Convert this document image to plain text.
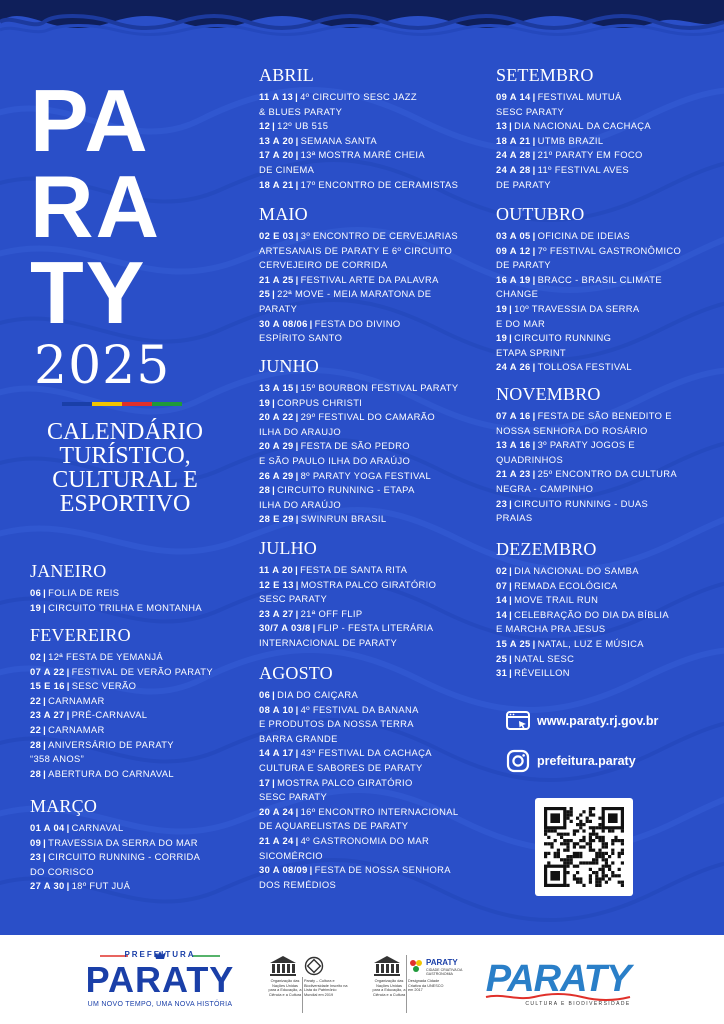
PA
RA
TY
2025
CALENDÁRIO
TURÍSTICO,
CULTURAL E
ESPORTIVO
JANEIRO
06 | FOLIA DE REIS
19 | CIRCUITO TRILHA E MONTANHA
FEVEREIRO
02 | 12ª FESTA DE YEMANJÁ
07 A 22 | FESTIVAL DE VERÃO PARATY
15 E 16 | SESC VERÃO
22 | CARNAMAR
23 A 27 | PRÉ-CARNAVAL
22 | CARNAMAR
28 | ANIVERSÁRIO DE PARATY
“358 ANOS”
28 | ABERTURA DO CARNAVAL
MARÇO
01 A 04 | CARNAVAL
09 | TRAVESSIA DA SERRA DO MAR
23 | CIRCUITO RUNNING - CORRIDA
DO CORISCO
27 A 30 | 18º FUT JUÁ
ABRIL
11 A 13 | 4º CIRCUITO SESC JAZZ
& BLUES PARATY
12 | 12º UB 515
13 A 20 | SEMANA SANTA
17 A 20 | 13ª MOSTRA MARÉ CHEIA
DE CINEMA
18 A 21 | 17º ENCONTRO DE CERAMISTAS
MAIO
02 E 03 | 3º ENCONTRO DE CERVEJARIAS
ARTESANAIS DE PARATY E 6º CIRCUITO
CERVEJEIRO DE CORRIDA
21 A 25 | FESTIVAL ARTE DA PALAVRA
25 | 22ª MOVE - MEIA MARATONA DE
PARATY
30 A 08/06 | FESTA DO DIVINO
ESPÍRITO SANTO
JUNHO
13 A 15 | 15º BOURBON FESTIVAL PARATY
19 | CORPUS CHRISTI
20 A 22 | 29º FESTIVAL DO CAMARÃO
ILHA DO ARAUJO
20 A 29 | FESTA DE SÃO PEDRO
E SÃO PAULO ILHA DO ARAÚJO
26 A 29 | 8º PARATY YOGA FESTIVAL
28 | CIRCUITO RUNNING - ETAPA
ILHA DO ARAÚJO
28 E 29 | SWINRUN BRASIL
JULHO
11 A 20 | FESTA DE SANTA RITA
12 E 13 | MOSTRA PALCO GIRATÓRIO
SESC PARATY
23 A 27 | 21ª OFF FLIP
30/7 A 03/8 | FLIP - FESTA LITERÁRIA
INTERNACIONAL DE PARATY
AGOSTO
06 | DIA DO CAIÇARA
08 A 10 | 4º FESTIVAL DA BANANA
E PRODUTOS DA NOSSA TERRA
BARRA GRANDE
14 A 17 | 43º FESTIVAL DA CACHAÇA
CULTURA E SABORES DE PARATY
17 | MOSTRA PALCO GIRATÓRIO
SESC PARATY
20 A 24 | 16º ENCONTRO INTERNACIONAL
DE AQUARELISTAS DE PARATY
21 A 24 | 4º GASTRONOMIA DO MAR
SICOMÉRCIO
30 A 08/09 | FESTA DE NOSSA SENHORA
DOS REMÉDIOS
SETEMBRO
09 A 14 | FESTIVAL MUTUÁ
SESC PARATY
13 | DIA NACIONAL DA CACHAÇA
18 A 21 | UTMB BRAZIL
24 A 28 | 21º PARATY EM FOCO
24 A 28 | 11º FESTIVAL AVES
DE PARATY
OUTUBRO
03 A 05 | OFICINA DE IDEIAS
09 A 12 | 7º FESTIVAL GASTRONÔMICO
DE PARATY
16 A 19 | BRACC - BRASIL CLIMATE
CHANGE
19 | 10º TRAVESSIA DA SERRA
E DO MAR
19 | CIRCUITO RUNNING
ETAPA SPRINT
24 A 26 | TOLLOSA FESTIVAL
NOVEMBRO
07 A 16 | FESTA DE SÃO BENEDITO E
NOSSA SENHORA DO ROSÁRIO
13 A 16 | 3º PARATY JOGOS E
QUADRINHOS
21 A 23 | 25º ENCONTRO DA CULTURA
NEGRA - CAMPINHO
23 | CIRCUITO RUNNING - DUAS
PRAIAS
DEZEMBRO
02 | DIA NACIONAL DO SAMBA
07 | REMADA ECOLÓGICA
14 | MOVE TRAIL RUN
14 | CELEBRAÇÃO DO DIA DA BÍBLIA
E MARCHA PRA JESUS
15 A 25 | NATAL, LUZ E MÚSICA
25 | NATAL SESC
31 | RÉVEILLON
www.paraty.rj.gov.br
prefeitura.paraty
PREFEITURA
PARATY
UM NOVO TEMPO, UMA NOVA HISTÓRIA
Organização das Nações Unidas para a Educação, a Ciência e a Cultura
Paraty – Cultura e Biodiversidade Inscrito na Lista do Patrimônio Mundial em 2019
PARATY
CIDADE CRIATIVA DA GASTRONOMIA
Organização das Nações Unidas para a Educação, a Ciência e a Cultura
Designada Cidade Criativa da UNESCO em 2017	PARATY
CULTURA E BIODIVERSIDADE
